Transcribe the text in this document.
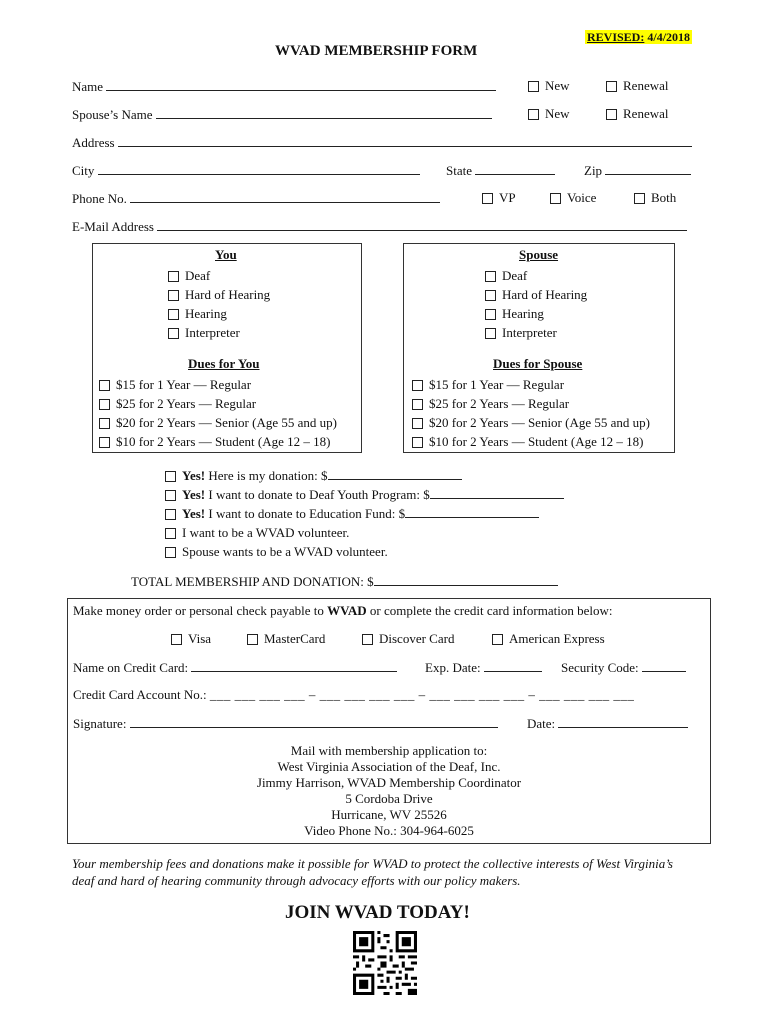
REVISED: 4/4/2018
WVAD MEMBERSHIP FORM
Name	New	Renewal
Spouse’s Name	New	Renewal
Address
City	State	Zip
Phone No.	VP	Voice	Both
E-Mail Address
You
Deaf
Hard of Hearing
Hearing
Interpreter
Dues for You
$15 for 1 Year — Regular
$25 for 2 Years — Regular
$20 for 2 Years — Senior (Age 55 and up)
$10 for 2 Years — Student (Age 12 – 18)
Spouse
Deaf
Hard of Hearing
Hearing
Interpreter
Dues for Spouse
$15 for 1 Year — Regular
$25 for 2 Years — Regular
$20 for 2 Years — Senior (Age 55 and up)
$10 for 2 Years — Student (Age 12 – 18)
Yes! Here is my donation: $
Yes! I want to donate to Deaf Youth Program: $
Yes! I want to donate to Education Fund: $
I want to be a WVAD volunteer.
Spouse wants to be a WVAD volunteer.
TOTAL MEMBERSHIP AND DONATION: $
Make money order or personal check payable to WVAD or complete the credit card information below:
Visa	MasterCard	Discover Card	American Express
Name on Credit Card:	Exp. Date:	Security Code:
Credit Card Account No.: ___ ___ ___ ___ – ___ ___ ___ ___ – ___ ___ ___ ___ – ___ ___ ___ ___
Signature:	Date:
Mail with membership application to:
West Virginia Association of the Deaf, Inc.
Jimmy Harrison, WVAD Membership Coordinator
5 Cordoba Drive
Hurricane, WV 25526
Video Phone No.: 304-964-6025
Your membership fees and donations make it possible for WVAD to protect the collective interests of West Virginia’s deaf and hard of hearing community through advocacy efforts with our policy makers.
JOIN WVAD TODAY!
